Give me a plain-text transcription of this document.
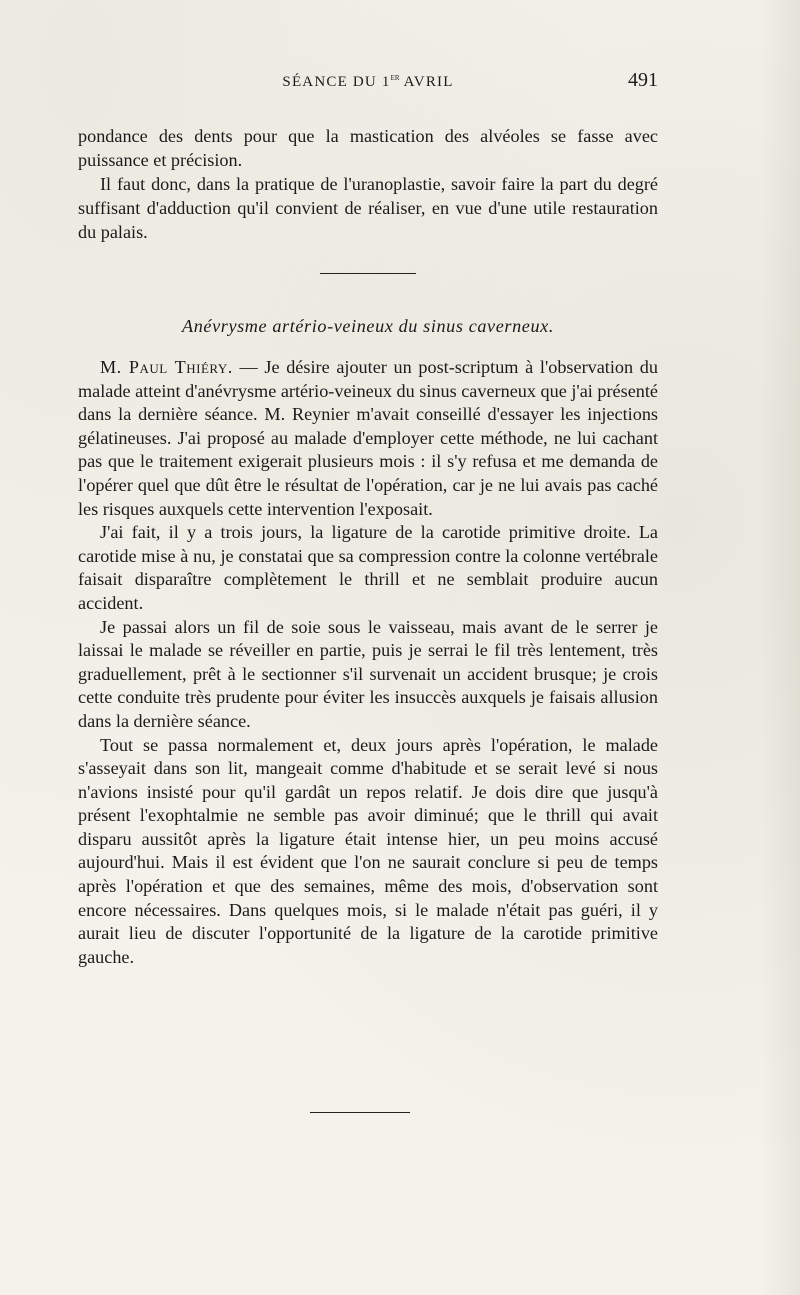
SÉANCE DU 1er AVRIL	491

pondance des dents pour que la mastication des alvéoles se fasse avec puissance et précision.

Il faut donc, dans la pratique de l'uranoplastie, savoir faire la part du degré suffisant d'adduction qu'il convient de réaliser, en vue d'une utile restauration du palais.

Anévrysme artério-veineux du sinus caverneux.

M. Paul Thiéry. — Je désire ajouter un post-scriptum à l'observation du malade atteint d'anévrysme artério-veineux du sinus caverneux que j'ai présenté dans la dernière séance. M. Reynier m'avait conseillé d'essayer les injections gélatineuses. J'ai proposé au malade d'employer cette méthode, ne lui cachant pas que le traitement exigerait plusieurs mois : il s'y refusa et me demanda de l'opérer quel que dût être le résultat de l'opération, car je ne lui avais pas caché les risques auxquels cette intervention l'exposait.

J'ai fait, il y a trois jours, la ligature de la carotide primitive droite. La carotide mise à nu, je constatai que sa compression contre la colonne vertébrale faisait disparaître complètement le thrill et ne semblait produire aucun accident.

Je passai alors un fil de soie sous le vaisseau, mais avant de le serrer je laissai le malade se réveiller en partie, puis je serrai le fil très lentement, très graduellement, prêt à le sectionner s'il survenait un accident brusque; je crois cette conduite très prudente pour éviter les insuccès auxquels je faisais allusion dans la dernière séance.

Tout se passa normalement et, deux jours après l'opération, le malade s'asseyait dans son lit, mangeait comme d'habitude et se serait levé si nous n'avions insisté pour qu'il gardât un repos relatif. Je dois dire que jusqu'à présent l'exophtalmie ne semble pas avoir diminué; que le thrill qui avait disparu aussitôt après la ligature était intense hier, un peu moins accusé aujourd'hui. Mais il est évident que l'on ne saurait conclure si peu de temps après l'opération et que des semaines, même des mois, d'observation sont encore nécessaires. Dans quelques mois, si le malade n'était pas guéri, il y aurait lieu de discuter l'opportunité de la ligature de la carotide primitive gauche.
